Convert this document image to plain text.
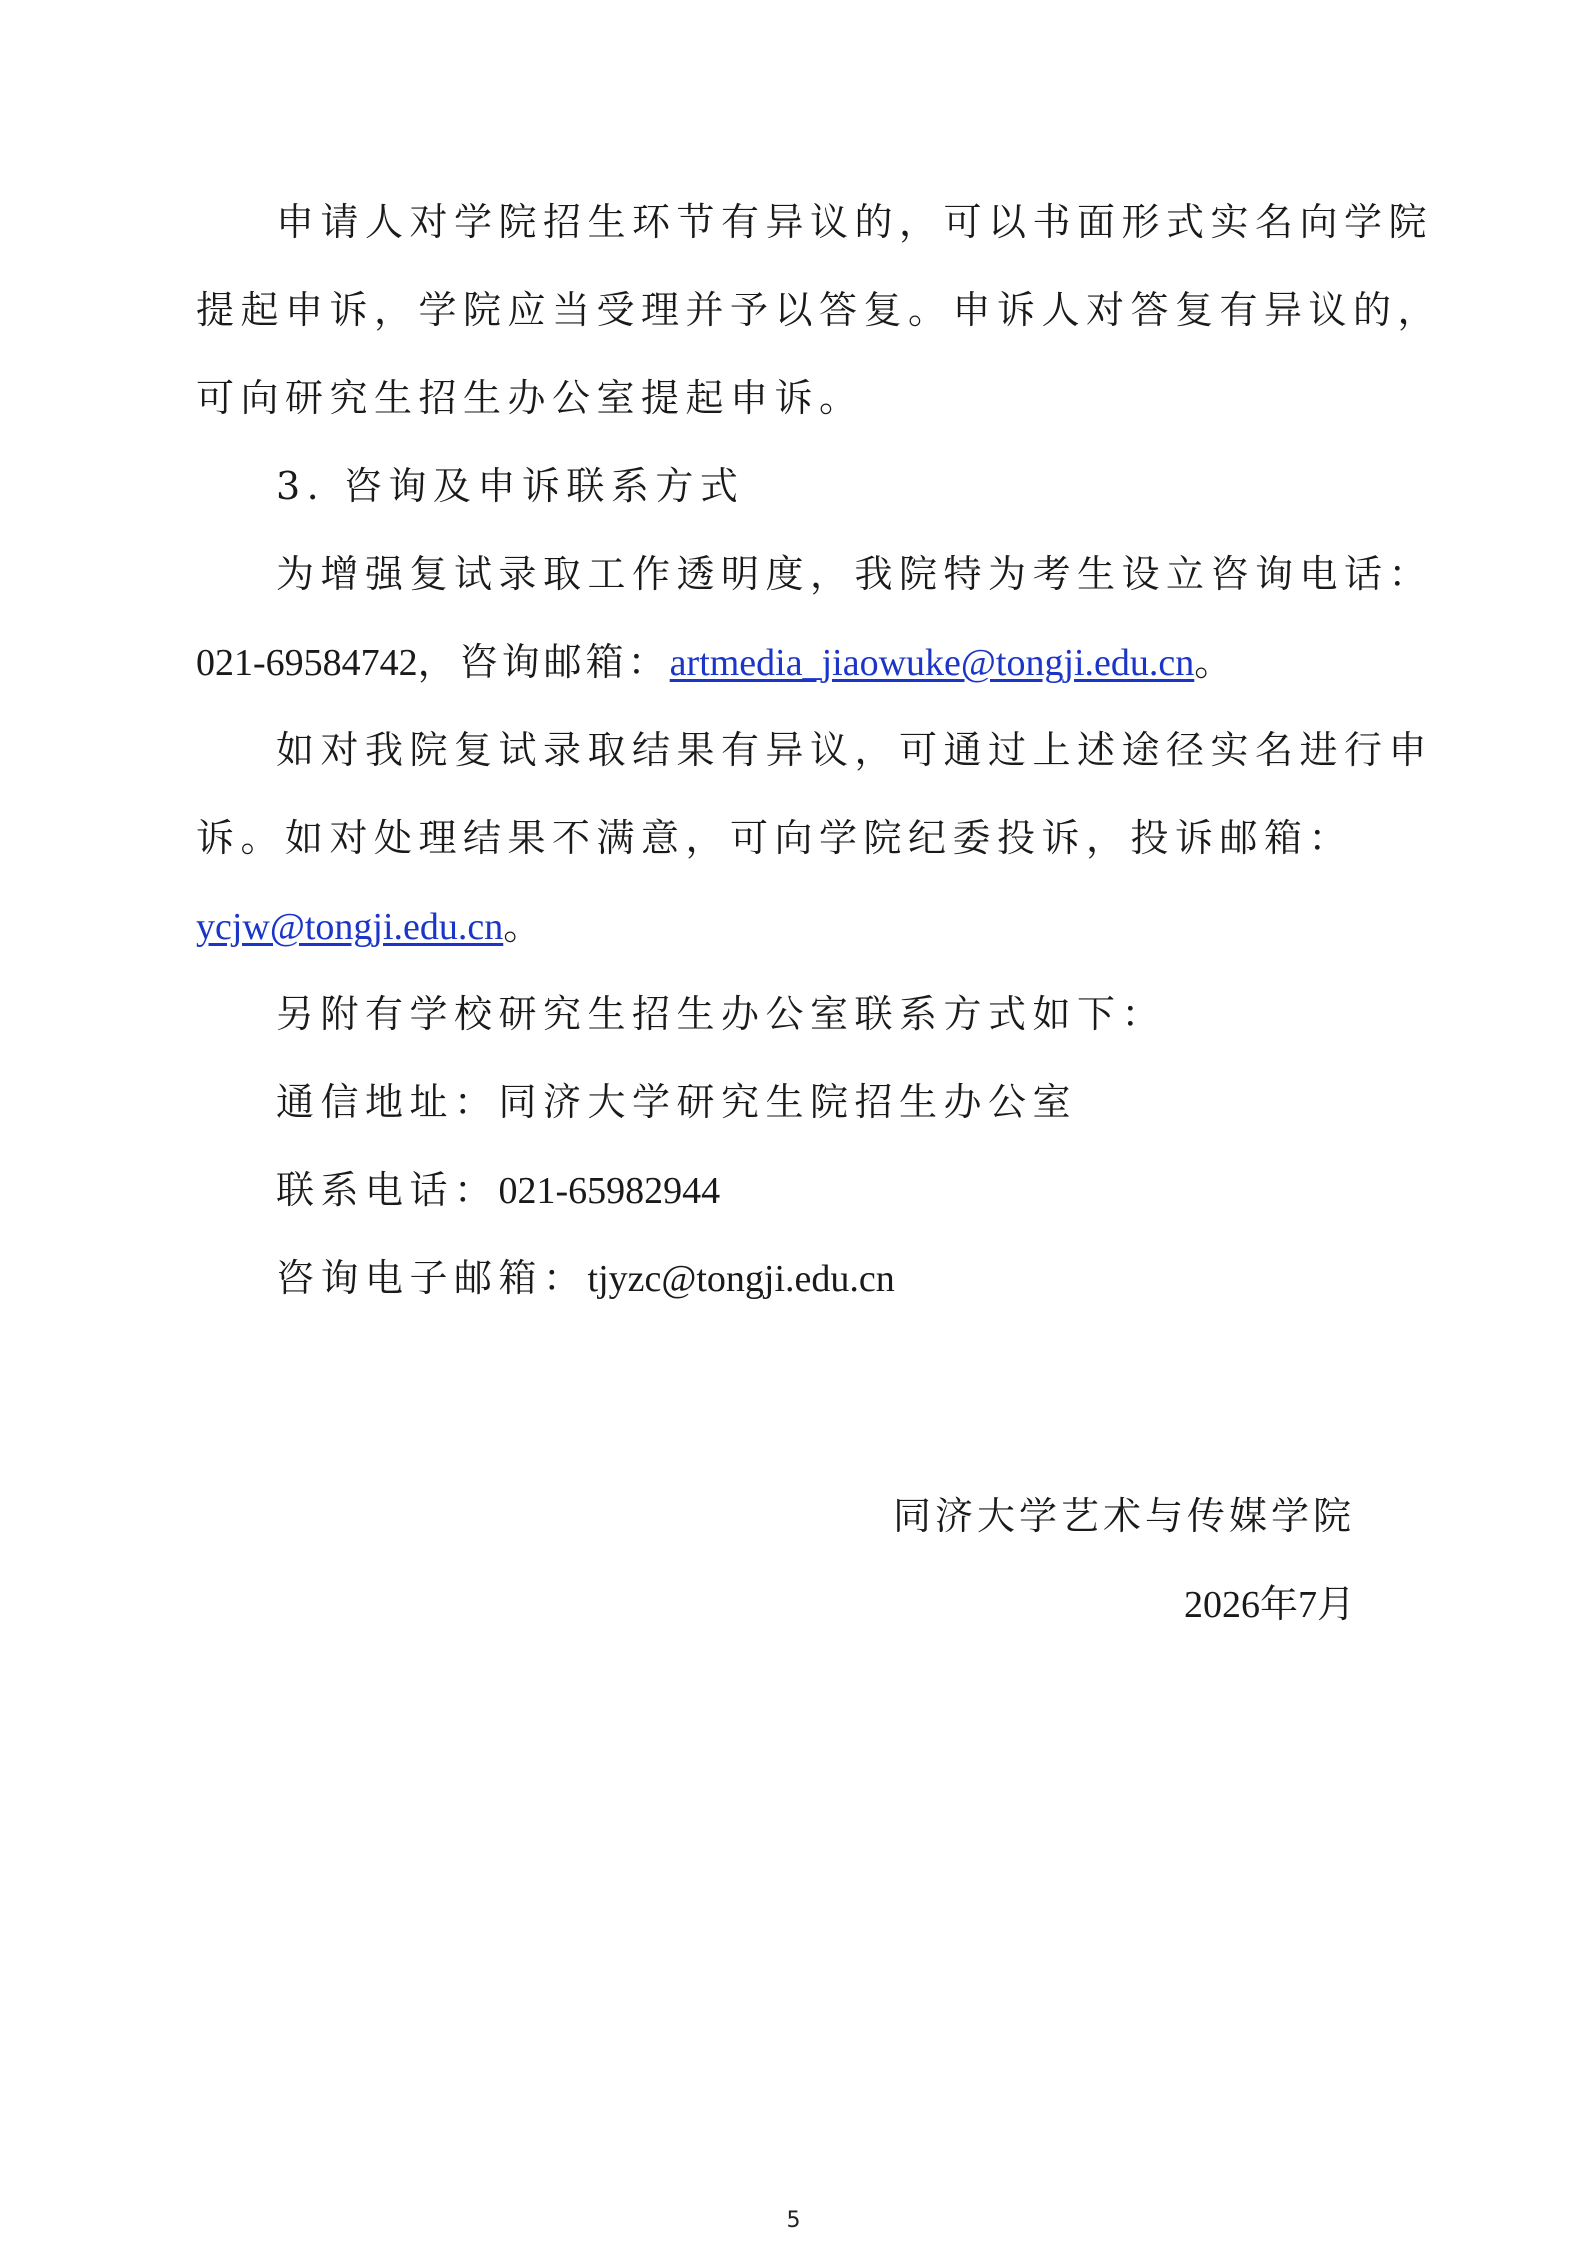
申请人对学院招生环节有异议的，可以书面形式实名向学院
提起申诉，学院应当受理并予以答复。申诉人对答复有异议的，
可向研究生招生办公室提起申诉。
3. 咨询及申诉联系方式
为增强复试录取工作透明度，我院特为考生设立咨询电话：
021-69584742，咨询邮箱：artmedia_jiaowuke@tongji.edu.cn。
如对我院复试录取结果有异议，可通过上述途径实名进行申
诉。如对处理结果不满意，可向学院纪委投诉，投诉邮箱：
ycjw@tongji.edu.cn。
另附有学校研究生招生办公室联系方式如下：
通信地址：同济大学研究生院招生办公室
联系电话：021-65982944
咨询电子邮箱：tjyzc@tongji.edu.cn
同济大学艺术与传媒学院
2026年7月
5
